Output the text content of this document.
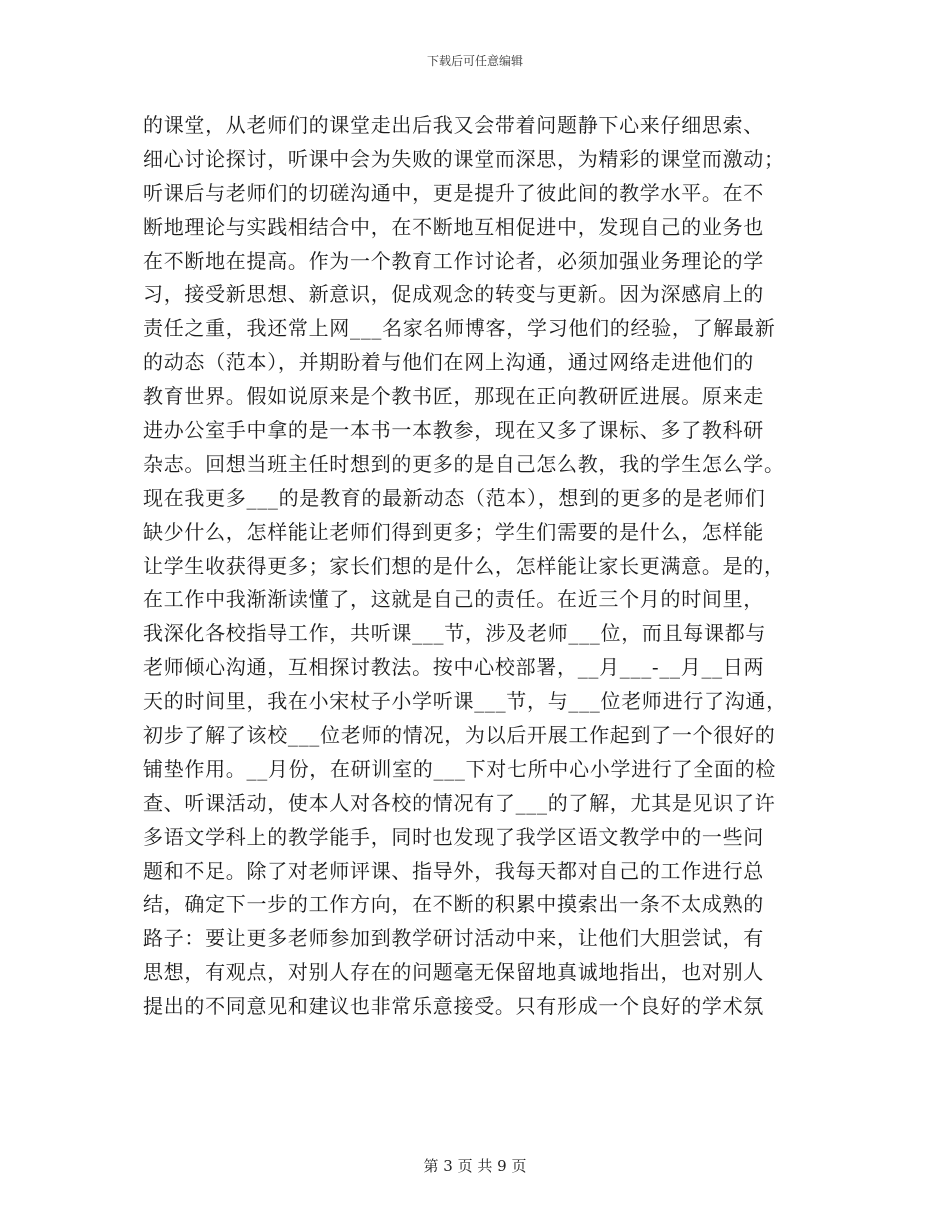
下载后可任意编辑
的课堂，从老师们的课堂走出后我又会带着问题静下心来仔细思索、
细心讨论探讨，听课中会为失败的课堂而深思，为精彩的课堂而激动；
听课后与老师们的切磋沟通中，更是提升了彼此间的教学水平。在不
断地理论与实践相结合中，在不断地互相促进中，发现自己的业务也
在不断地在提高。作为一个教育工作讨论者，必须加强业务理论的学
习，接受新思想、新意识，促成观念的转变与更新。因为深感肩上的
责任之重，我还常上网___名家名师博客，学习他们的经验，了解最新
的动态（范本），并期盼着与他们在网上沟通，通过网络走进他们的
教育世界。假如说原来是个教书匠，那现在正向教研匠进展。原来走
进办公室手中拿的是一本书一本教参，现在又多了课标、多了教科研
杂志。回想当班主任时想到的更多的是自己怎么教，我的学生怎么学。
现在我更多___的是教育的最新动态（范本），想到的更多的是老师们
缺少什么，怎样能让老师们得到更多；学生们需要的是什么，怎样能
让学生收获得更多；家长们想的是什么，怎样能让家长更满意。是的，
在工作中我渐渐读懂了，这就是自己的责任。在近三个月的时间里，
我深化各校指导工作，共听课___节，涉及老师___位，而且每课都与
老师倾心沟通，互相探讨教法。按中心校部署，__月___-__月__日两
天的时间里，我在小宋杖子小学听课___节，与___位老师进行了沟通，
初步了解了该校___位老师的情况，为以后开展工作起到了一个很好的
铺垫作用。__月份，在研训室的___下对七所中心小学进行了全面的检
查、听课活动，使本人对各校的情况有了___的了解，尤其是见识了许
多语文学科上的教学能手，同时也发现了我学区语文教学中的一些问
题和不足。除了对老师评课、指导外，我每天都对自己的工作进行总
结，确定下一步的工作方向，在不断的积累中摸索出一条不太成熟的
路子：要让更多老师参加到教学研讨活动中来，让他们大胆尝试，有
思想，有观点，对别人存在的问题毫无保留地真诚地指出，也对别人
提出的不同意见和建议也非常乐意接受。只有形成一个良好的学术氛
第 3 页 共 9 页
